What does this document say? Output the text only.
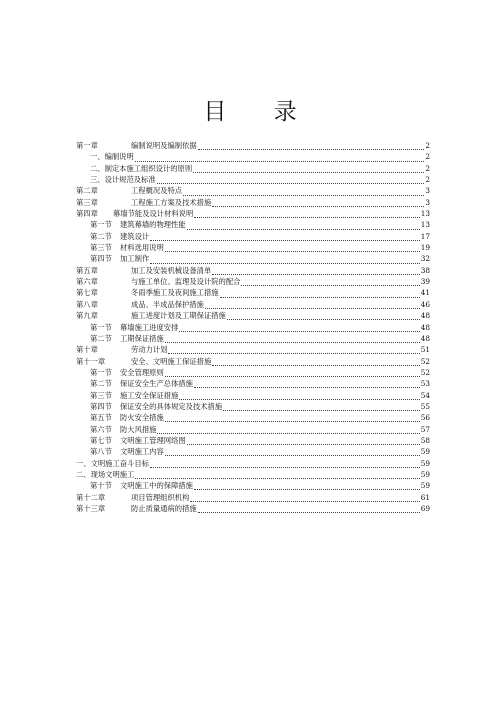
目 录
第一章	编制说明及编制依据	2
一、编制说明	2
二、制定本施工组织设计的原则	2
三、设计规范及标准	2
第二章	工程概况及特点	3
第三章	工程施工方案及技术措施	3
第四章	幕墙节能及设计材料说明	13
第一节	建筑幕墙的物理性能	13
第二节	建筑设计	17
第三节	材料选用说明	19
第四节	加工制作	32
第五章	加工及安装机械设备清单	38
第六章	与施工单位、监理及设计院的配合	39
第七章	冬雨季施工及夜间施工措施	41
第八章	成品、半成品保护措施	46
第九章	施工进度计划及工期保证措施	48
第一节	幕墙施工进度安排	48
第二节	工期保证措施	48
第十章	劳动力计划	51
第十一章	安全、文明施工保证措施	52
第一节	安全管理原则	52
第二节	保证安全生产总体措施	53
第三节	施工安全保证措施	54
第四节	保证安全的具体规定及技术措施	55
第五节	防火安全措施	56
第六节	防大风措施	57
第七节	文明施工管理网络图	58
第八节	文明施工内容	59
一、文明施工奋斗目标	59
二、现场文明施工	59
第十节	文明施工中的保障措施	59
第十二章	项目管理组织机构	61
第十三章	防止质量通病的措施	69
